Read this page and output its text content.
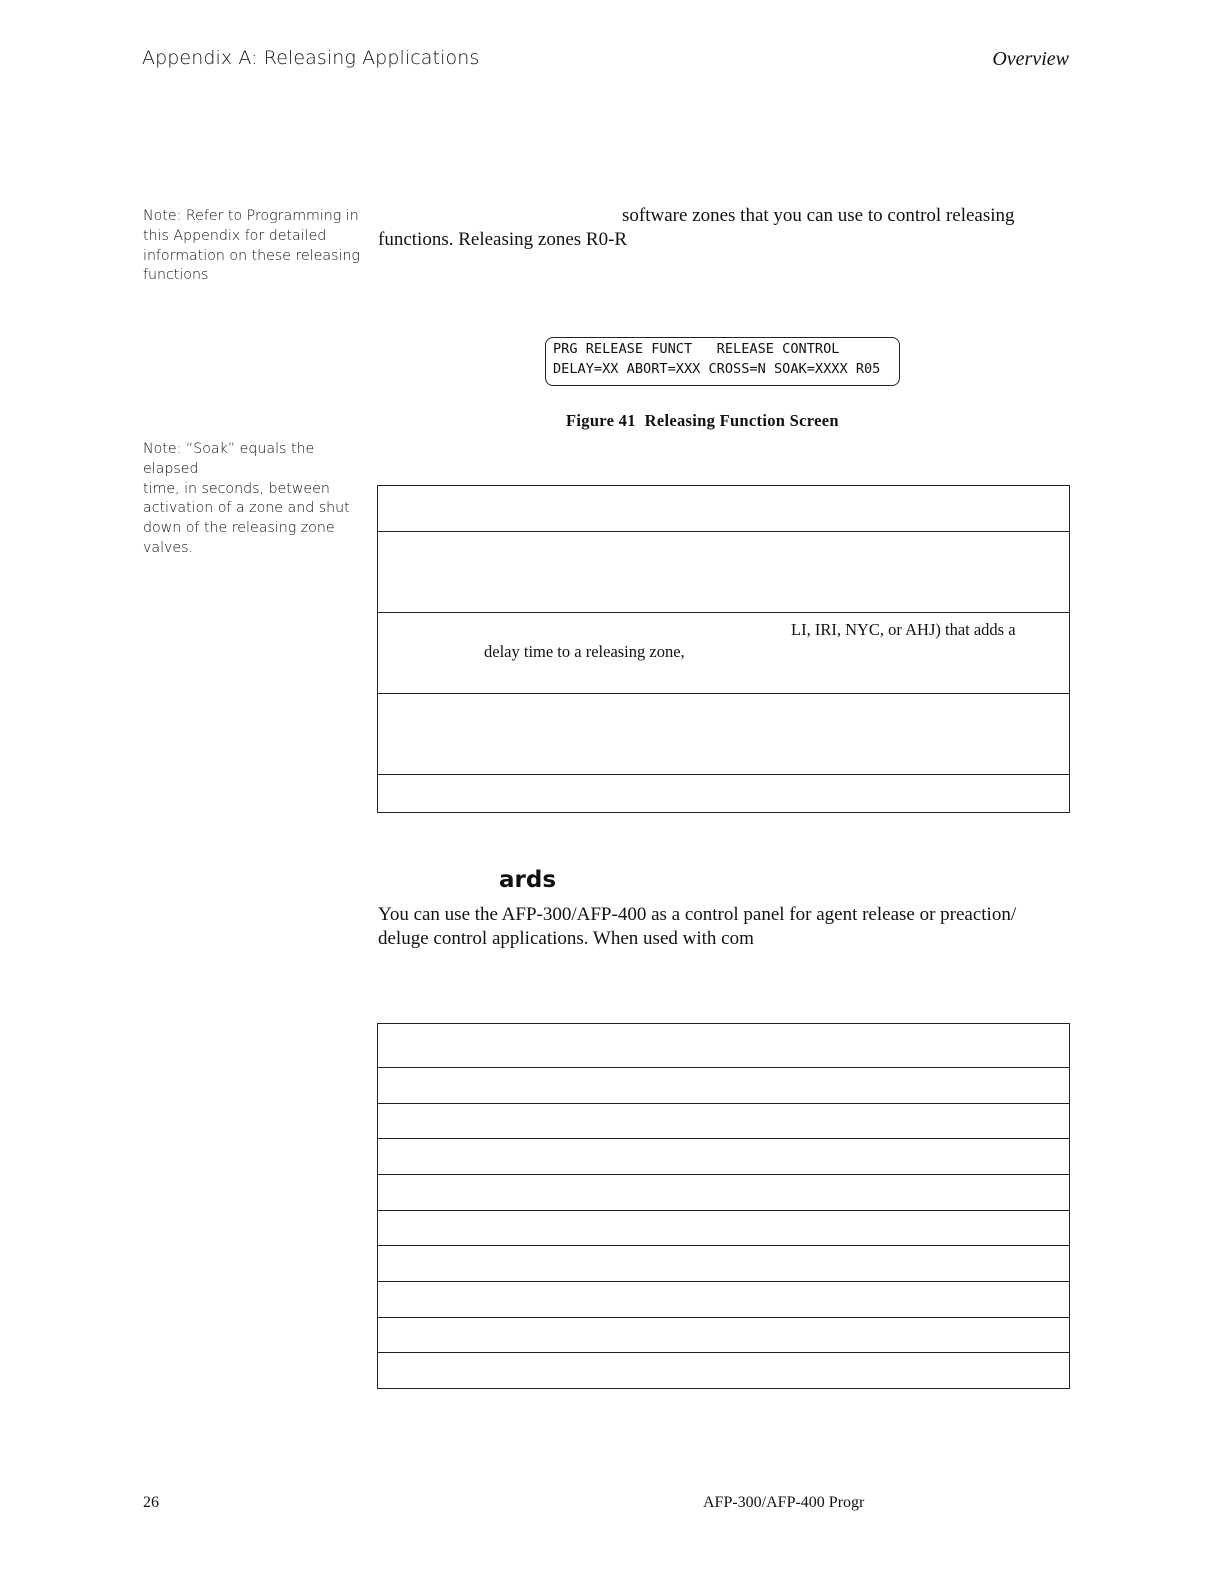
Appendix A: Releasing Applications	Overview
Note: Refer to Programming in
this Appendix for detailed
information on these releasing
functions
software zones that you can use to control releasing
functions. Releasing zones R0-R
PRG RELEASE FUNCT   RELEASE CONTROL
DELAY=XX ABORT=XXX CROSS=N SOAK=XXXX R05
Figure 41  Releasing Function Screen
Note: “Soak” equals the elapsed
time, in seconds, between
activation of a zone and shut
down of the releasing zone
valves.
LI, IRI, NYC, or AHJ) that adds a
delay time to a releasing zone,
ards
You can use the AFP-300/AFP-400 as a control panel for agent release or preaction/
deluge control applications. When used with com
26	AFP-300/AFP-400 Progr
